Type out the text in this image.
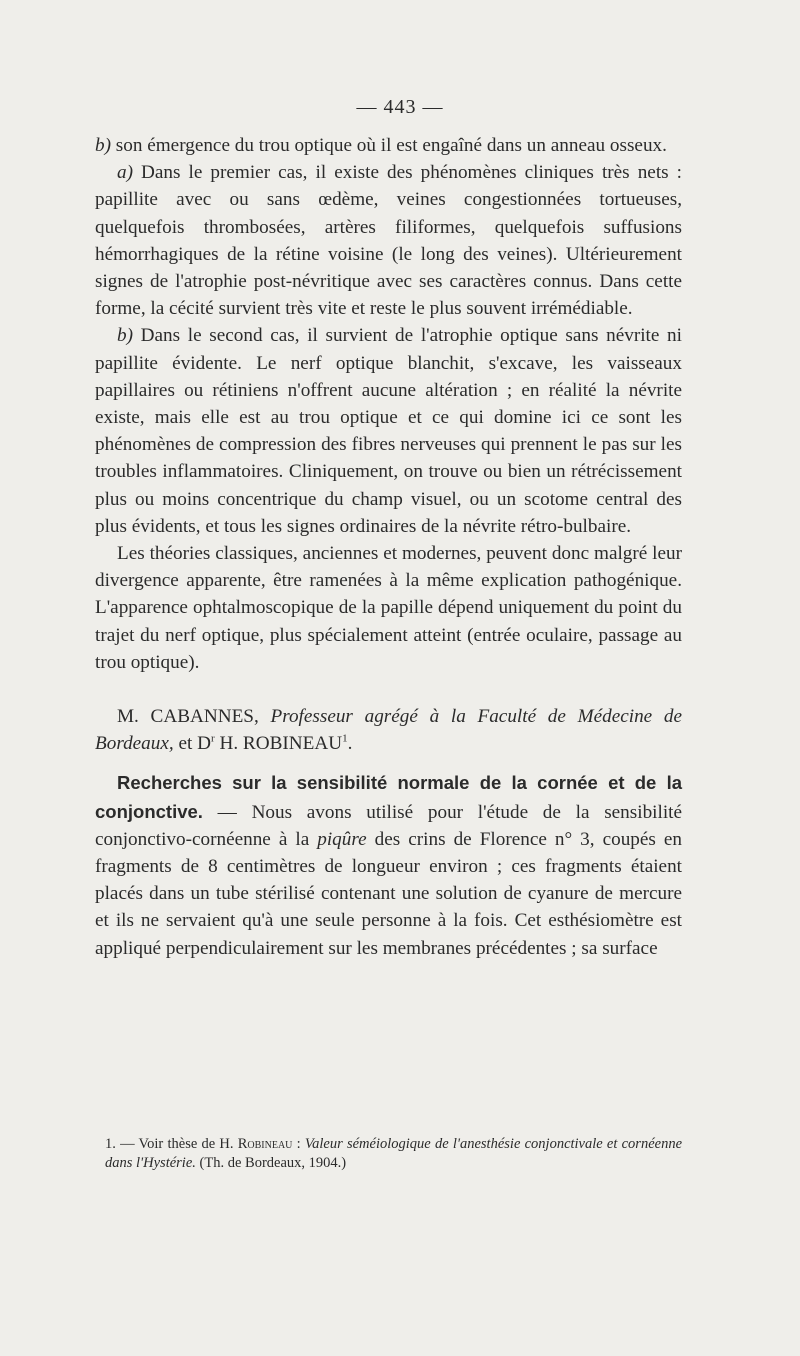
— 443 —

b) son émergence du trou optique où il est engaîné dans un anneau osseux.

a) Dans le premier cas, il existe des phénomènes cliniques très nets : papillite avec ou sans œdème, veines congestionnées tortueuses, quelquefois thrombosées, artères filiformes, quelquefois suffusions hémorrhagiques de la rétine voisine (le long des veines). Ultérieurement signes de l'atrophie post-névritique avec ses caractères connus. Dans cette forme, la cécité survient très vite et reste le plus souvent irrémédiable.

b) Dans le second cas, il survient de l'atrophie optique sans névrite ni papillite évidente. Le nerf optique blanchit, s'excave, les vaisseaux papillaires ou rétiniens n'offrent aucune altération ; en réalité la névrite existe, mais elle est au trou optique et ce qui domine ici ce sont les phénomènes de compression des fibres nerveuses qui prennent le pas sur les troubles inflammatoires. Cliniquement, on trouve ou bien un rétrécissement plus ou moins concentrique du champ visuel, ou un scotome central des plus évidents, et tous les signes ordinaires de la névrite rétro-bulbaire.

Les théories classiques, anciennes et modernes, peuvent donc malgré leur divergence apparente, être ramenées à la même explication pathogénique. L'apparence ophtalmoscopique de la papille dépend uniquement du point du trajet du nerf optique, plus spécialement atteint (entrée oculaire, passage au trou optique).

M. CABANNES, Professeur agrégé à la Faculté de Médecine de Bordeaux, et $D^r$ H. ROBINEAU$^1$.

Recherches sur la sensibilité normale de la cornée et de la conjonctive. — Nous avons utilisé pour l'étude de la sensibilité conjonctivo-cornéenne à la piqûre des crins de Florence n° 3, coupés en fragments de 8 centimètres de longueur environ ; ces fragments étaient placés dans un tube stérilisé contenant une solution de cyanure de mercure et ils ne servaient qu'à une seule personne à la fois. Cet esthésiomètre est appliqué perpendiculairement sur les membranes précédentes ; sa surface

1. — Voir thèse de H. Robineau : Valeur séméiologique de l'anesthésie conjonctivale et cornéenne dans l'Hystérie. (Th. de Bordeaux, 1904.)
